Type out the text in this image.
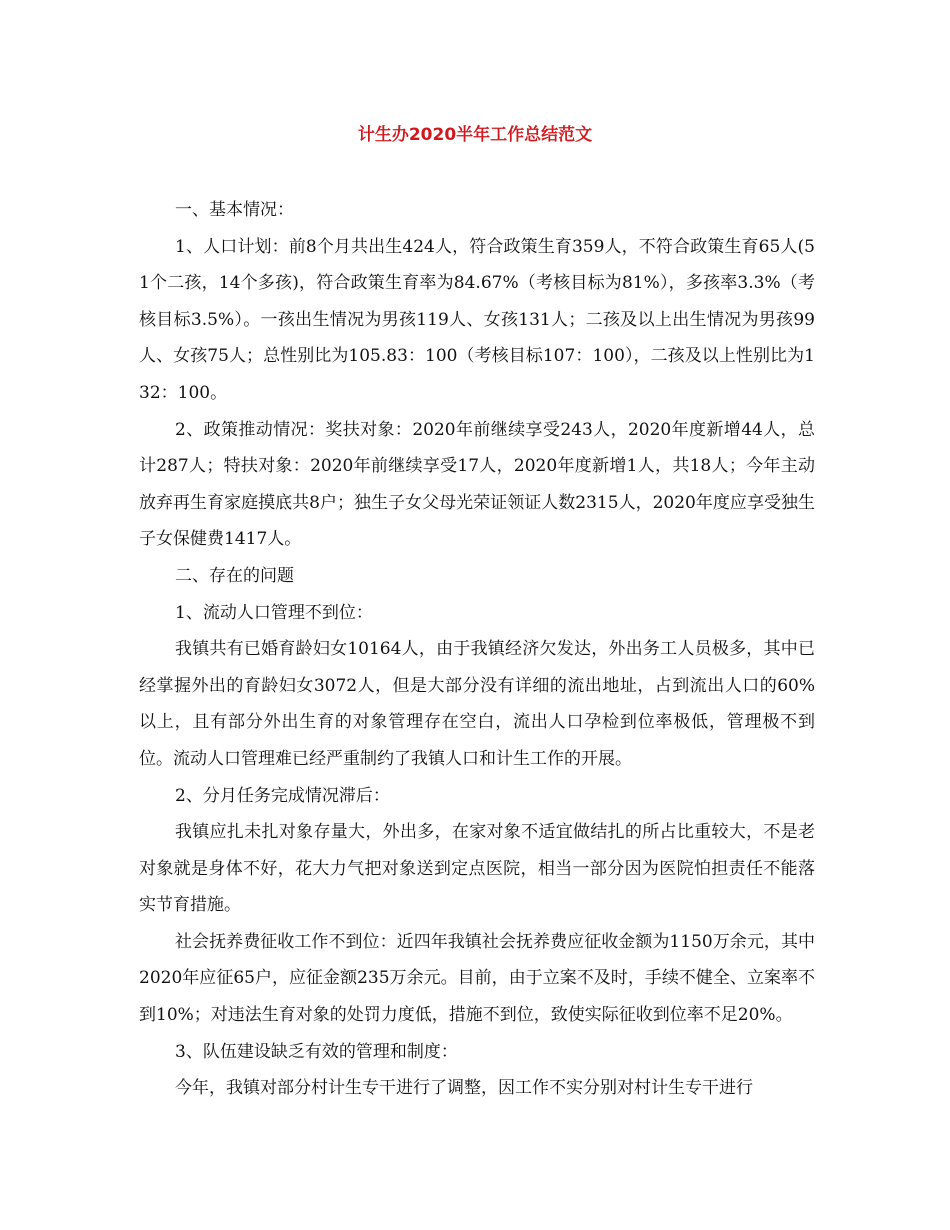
计生办2020半年工作总结范文

一、基本情况：

1、人口计划：前8个月共出生424人，符合政策生育359人，不符合政策生育65人(51个二孩，14个多孩)，符合政策生育率为84.67%（考核目标为81%），多孩率3.3%（考核目标3.5%）。一孩出生情况为男孩119人、女孩131人；二孩及以上出生情况为男孩99人、女孩75人；总性别比为105.83：100（考核目标107：100），二孩及以上性别比为132：100。

2、政策推动情况：奖扶对象：2020年前继续享受243人，2020年度新增44人，总计287人；特扶对象：2020年前继续享受17人，2020年度新增1人，共18人；今年主动放弃再生育家庭摸底共8户；独生子女父母光荣证领证人数2315人，2020年度应享受独生子女保健费1417人。

二、存在的问题

1、流动人口管理不到位：

我镇共有已婚育龄妇女10164人，由于我镇经济欠发达，外出务工人员极多，其中已经掌握外出的育龄妇女3072人，但是大部分没有详细的流出地址，占到流出人口的60%以上，且有部分外出生育的对象管理存在空白，流出人口孕检到位率极低，管理极不到位。流动人口管理难已经严重制约了我镇人口和计生工作的开展。

2、分月任务完成情况滞后：

我镇应扎未扎对象存量大，外出多，在家对象不适宜做结扎的所占比重较大，不是老对象就是身体不好，花大力气把对象送到定点医院，相当一部分因为医院怕担责任不能落实节育措施。

社会抚养费征收工作不到位：近四年我镇社会抚养费应征收金额为1150万余元，其中2020年应征65户，应征金额235万余元。目前，由于立案不及时，手续不健全、立案率不到10%；对违法生育对象的处罚力度低，措施不到位，致使实际征收到位率不足20%。

3、队伍建设缺乏有效的管理和制度：

今年，我镇对部分村计生专干进行了调整，因工作不实分别对村计生专干进行
